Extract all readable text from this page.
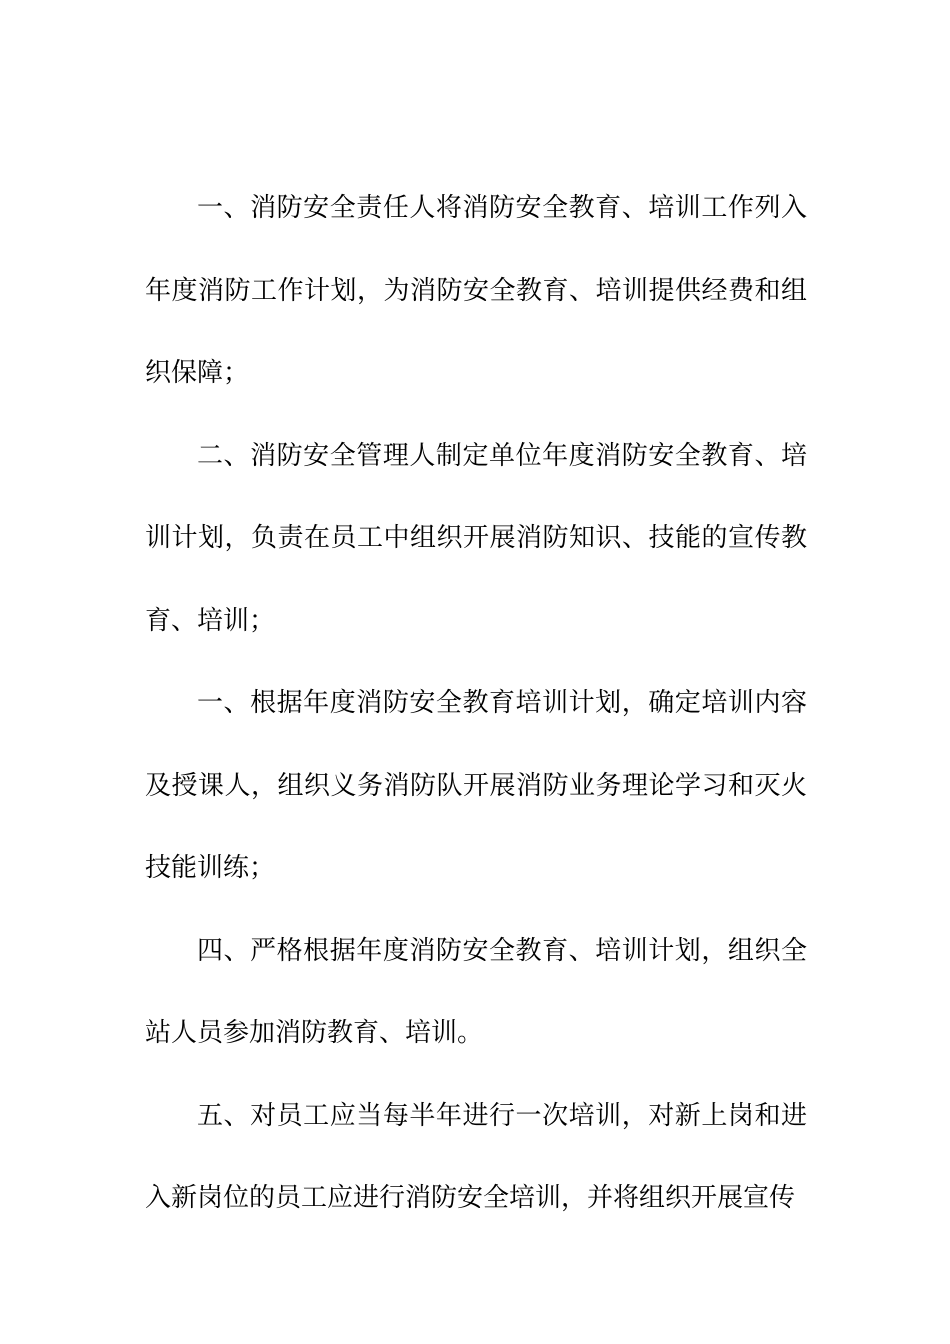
一、消防安全责任人将消防安全教育、培训工作列入年度消防工作计划，为消防安全教育、培训提供经费和组织保障；

二、消防安全管理人制定单位年度消防安全教育、培训计划，负责在员工中组织开展消防知识、技能的宣传教育、培训；

一、根据年度消防安全教育培训计划，确定培训内容及授课人，组织义务消防队开展消防业务理论学习和灭火技能训练；

四、严格根据年度消防安全教育、培训计划，组织全站人员参加消防教育、培训。

五、对员工应当每半年进行一次培训，对新上岗和进入新岗位的员工应进行消防安全培训，并将组织开展宣传
